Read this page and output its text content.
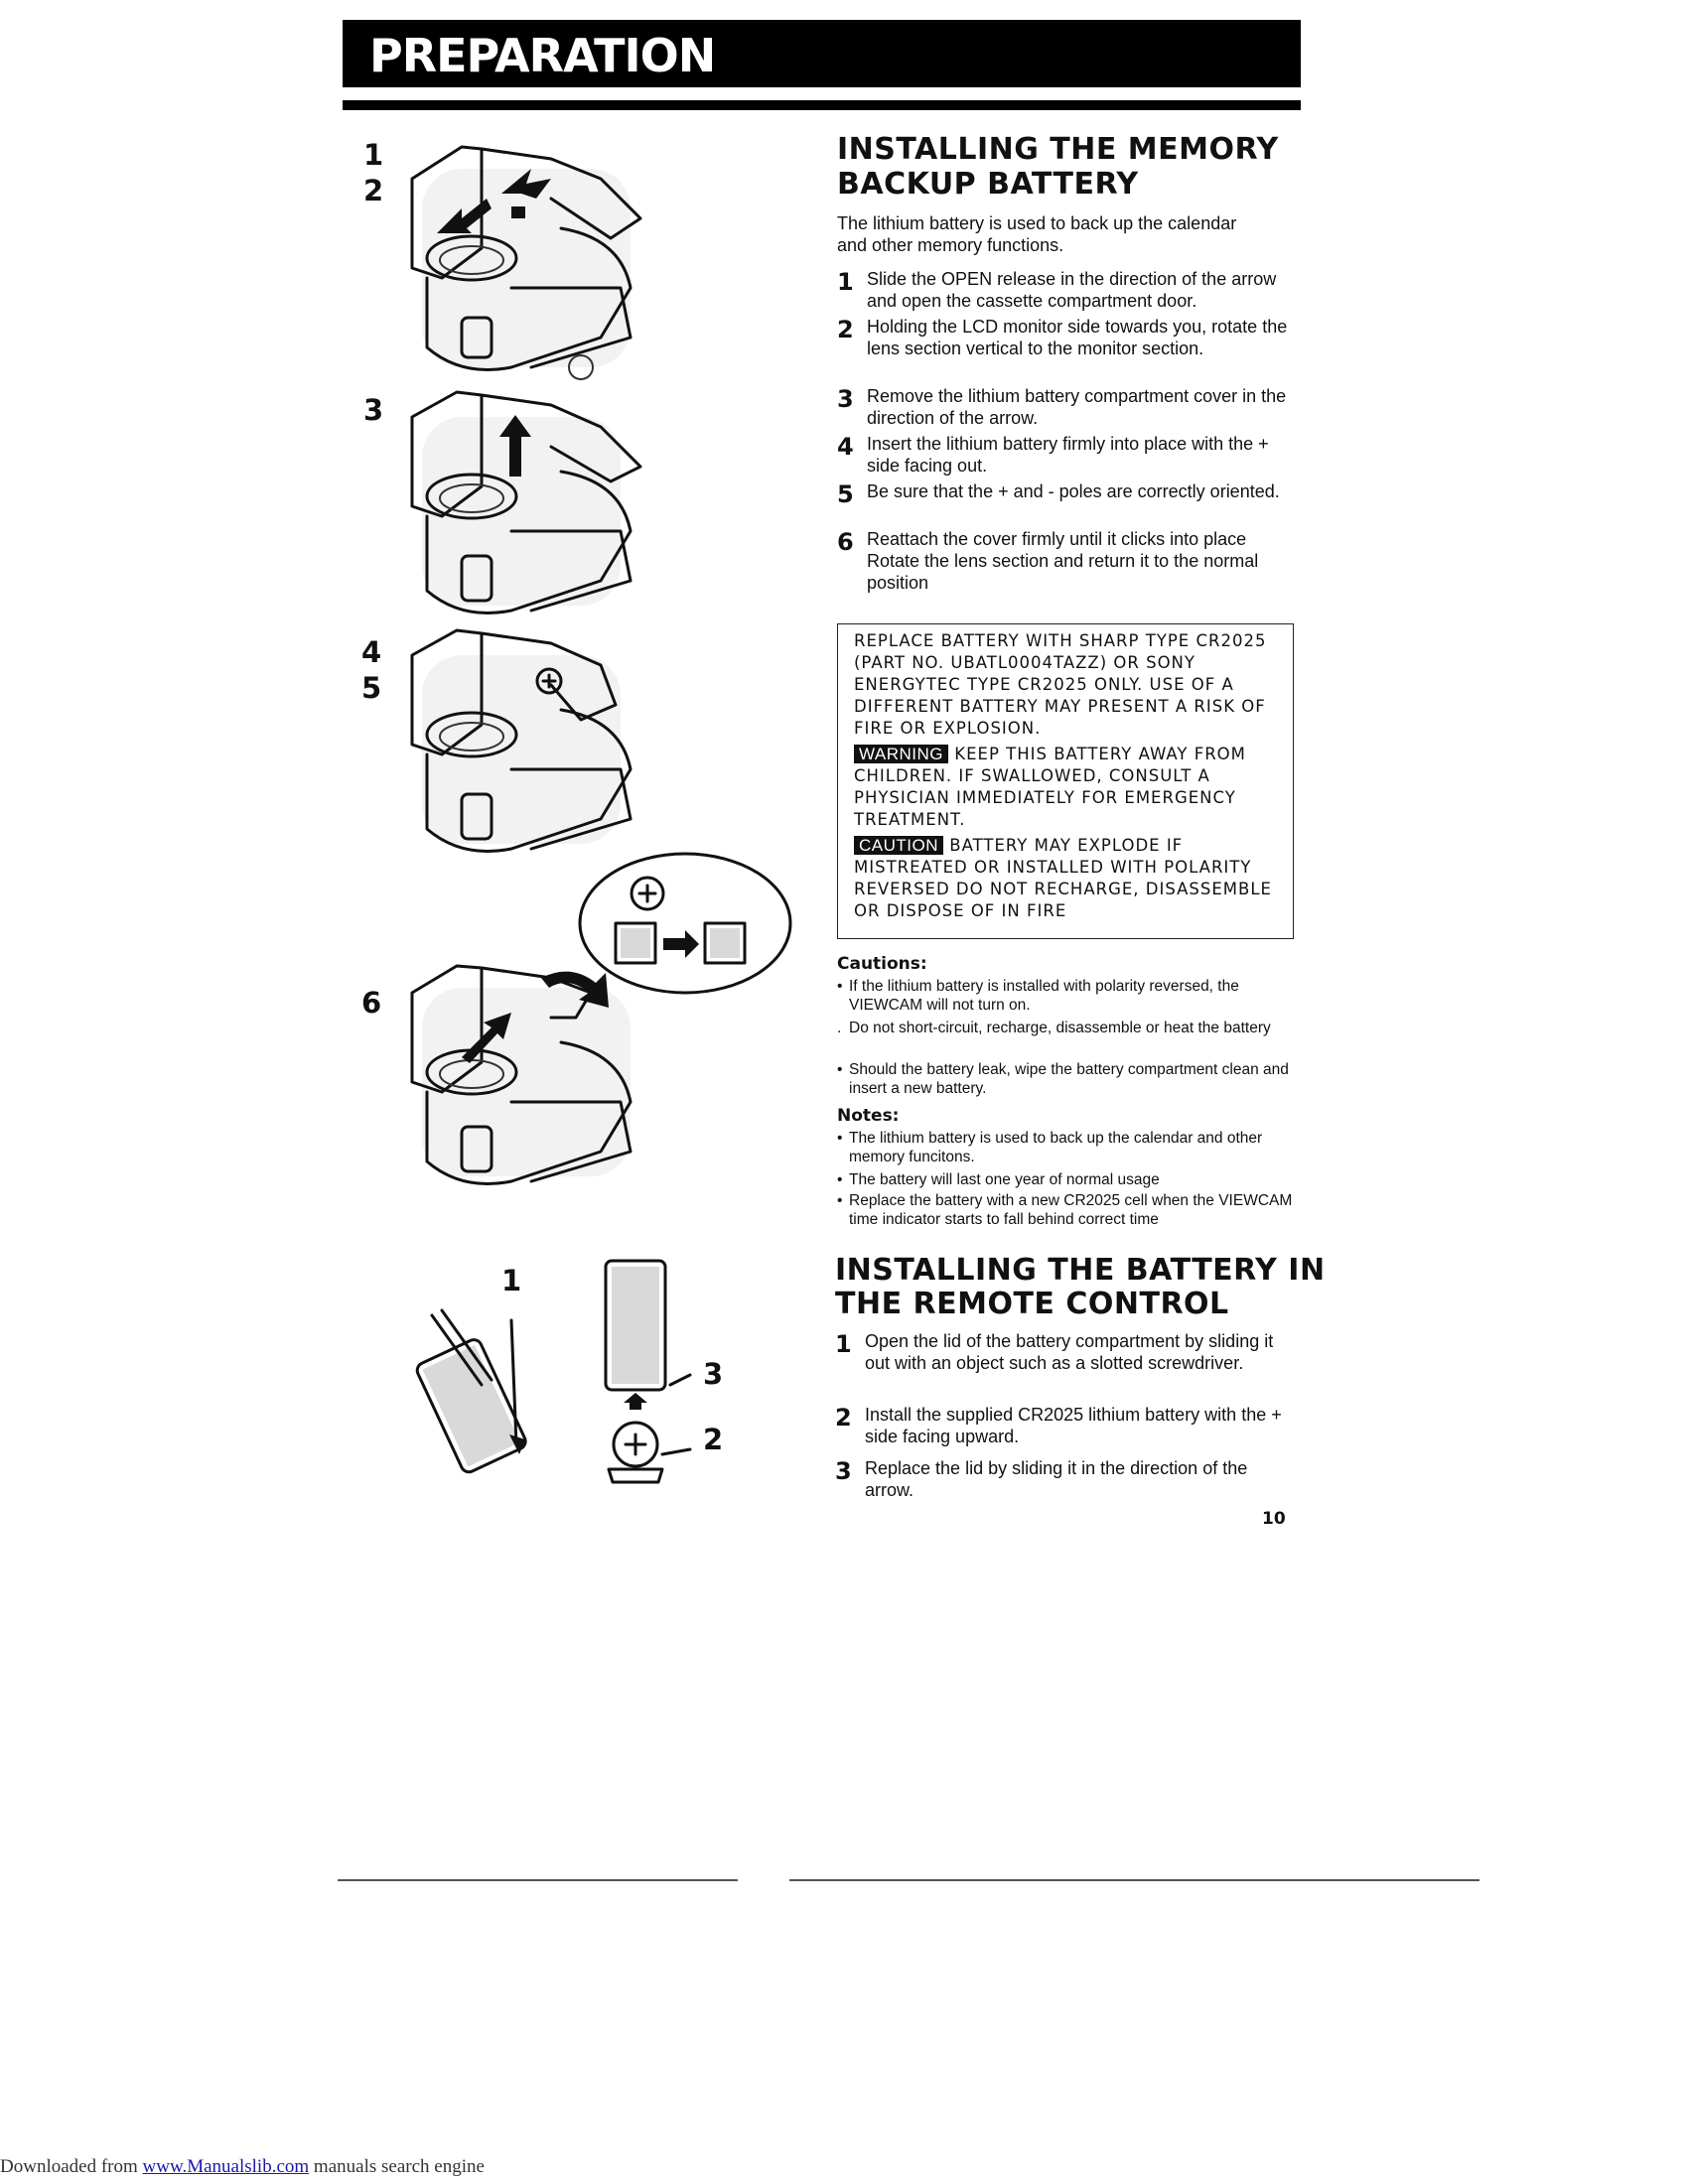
PREPARATION
1
2
3
4
5
6
1
3
2
INSTALLING THE MEMORY
BACKUP BATTERY
The lithium battery is used to back up the calendar
and other memory functions.
1 Slide the OPEN release in the direction of the arrow and open the cassette compartment door.
2 Holding the LCD monitor side towards you, rotate the lens section vertical to the monitor section.
3 Remove the lithium battery compartment cover in the direction of the arrow.
4 Insert the lithium battery firmly into place with the + side facing out.
5 Be sure that the + and - poles are correctly oriented.
6 Reattach the cover firmly until it clicks into place Rotate the lens section and return it to the normal position

REPLACE BATTERY WITH SHARP TYPE CR2025 (PART NO. UBATL0004TAZZ) OR SONY ENERGYTEC TYPE CR2025 ONLY. USE OF A DIFFERENT BATTERY MAY PRESENT A RISK OF FIRE OR EXPLOSION.

WARNING KEEP THIS BATTERY AWAY FROM CHILDREN. IF SWALLOWED, CONSULT A PHYSICIAN IMMEDIATELY FOR EMERGENCY TREATMENT.

CAUTION BATTERY MAY EXPLODE IF MISTREATED OR INSTALLED WITH POLARITY REVERSED DO NOT RECHARGE, DISASSEMBLE OR DISPOSE OF IN FIRE

Cautions:
• If the lithium battery is installed with polarity reversed, the VIEWCAM will not turn on.
. Do not short-circuit, recharge, disassemble or heat the battery
• Should the battery leak, wipe the battery compartment clean and insert a new battery.
Notes:
• The lithium battery is used to back up the calendar and other memory funcitons.
• The battery will last one year of normal usage
• Replace the battery with a new CR2025 cell when the VIEWCAM time indicator starts to fall behind correct time
INSTALLING THE BATTERY IN
THE REMOTE CONTROL
1 Open the lid of the battery compartment by sliding it out with an object such as a slotted screwdriver.
2 Install the supplied CR2025 lithium battery with the + side facing upward.
3 Replace the lid by sliding it in the direction of the arrow.
10
Downloaded from www.Manualslib.com manuals search engine
